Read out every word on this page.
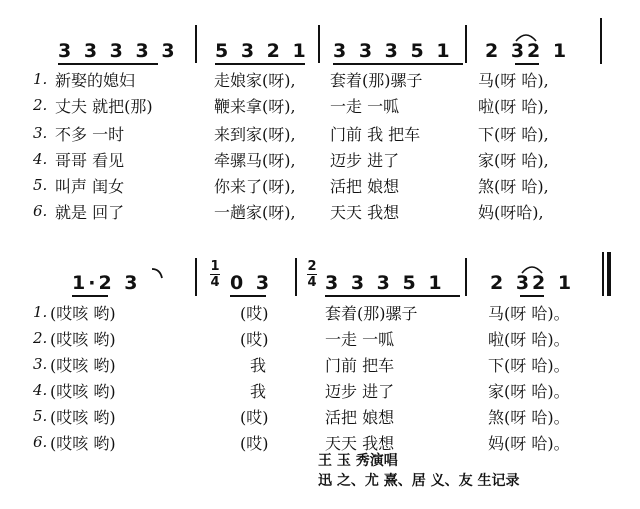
3 3 3 3 3 5 3 2 1 3 3 3 5 1 2 32 1
1. 新娶的媳妇	走娘家(呀), 套着(那)骡子	马(呀 哈),
2. 丈夫 就把(那)	鞭来拿(呀), 一走 一呱	啦(呀 哈),
3. 不多 一时	来到家(呀), 门前 我 把车	下(呀 哈),
4. 哥哥 看见	牵骡马(呀), 迈步 进了	家(呀 哈),
5. 叫声 闺女	你来了(呀), 活把 娘想	煞(呀 哈),
6. 就是 回了	一趟家(呀), 天天 我想	妈(呀哈),
1·2 3
1
4 0 3
2
4 3 3 3 5 1 2 32 1
1. (哎咳 哟)	(哎)	套着(那)骡子	马(呀 哈)。
2. (哎咳 哟)	(哎)	一走 一呱	啦(呀 哈)。
3. (哎咳 哟)	我	门前 把车	下(呀 哈)。
4. (哎咳 哟)	我	迈步 进了	家(呀 哈)。
5. (哎咳 哟)	(哎)	活把 娘想	煞(呀 哈)。
6. (哎咳 哟)	(哎)	天天 我想	妈(呀 哈)。
王 玉 秀演唱
迅 之、尤 熹、居 义、友 生记录
